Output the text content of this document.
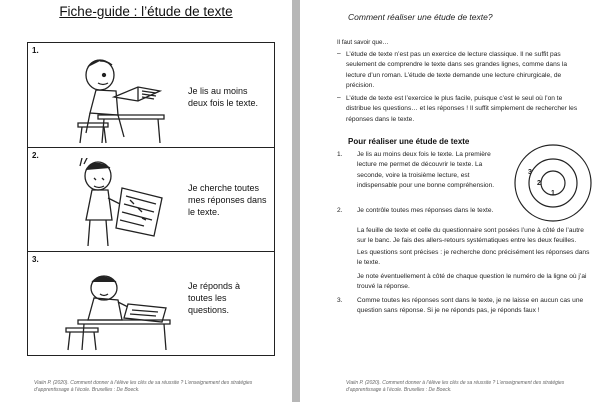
Fiche-guide : l’étude de texte
1.
Je lis au moins deux fois le texte.
2.
Je cherche toutes mes réponses dans le texte.
3.
Je réponds à toutes les questions.
Viaiin P. (2020). Comment donner à l’élève les clés de sa réussite ? L’enseignement des stratégies d’apprentissage à l’école. Bruxelles : De Boeck.
Comment réaliser une étude de texte?
Il faut savoir que…
– L’étude de texte n’est pas un exercice de lecture classique. Il ne suffit pas seulement de comprendre le texte dans ses grandes lignes, comme dans la lecture d’un roman. L’étude de texte demande une lecture chirurgicale, de précision.
– L’étude de texte est l’exercice le plus facile, puisque c’est le seul où l’on te distribue les questions… et les réponses ! Il suffit simplement de rechercher les réponses dans le texte.
Pour réaliser une étude de texte
1. Je lis au moins deux fois le texte. La première lecture me permet de découvrir le texte. La seconde, voire la troisième lecture, est indispensable pour une bonne compréhension.
2. Je contrôle toutes mes réponses dans le texte.
La feuille de texte et celle du questionnaire sont posées l’une à côté de l’autre sur le banc. Je fais des allers-retours systématiques entre les deux feuilles.
Les questions sont précises : je recherche donc précisément les réponses dans le texte.
Je note éventuellement à côté de chaque question le numéro de la ligne où j’ai trouvé la réponse.
3. Comme toutes les réponses sont dans le texte, je ne laisse en aucun cas une question sans réponse. Si je ne réponds pas, je réponds faux !
3
2
1
Viaiin P. (2020). Comment donner à l’élève les clés de sa réussite ? L’enseignement des stratégies d’apprentissage à l’école. Bruxelles : De Boeck.
